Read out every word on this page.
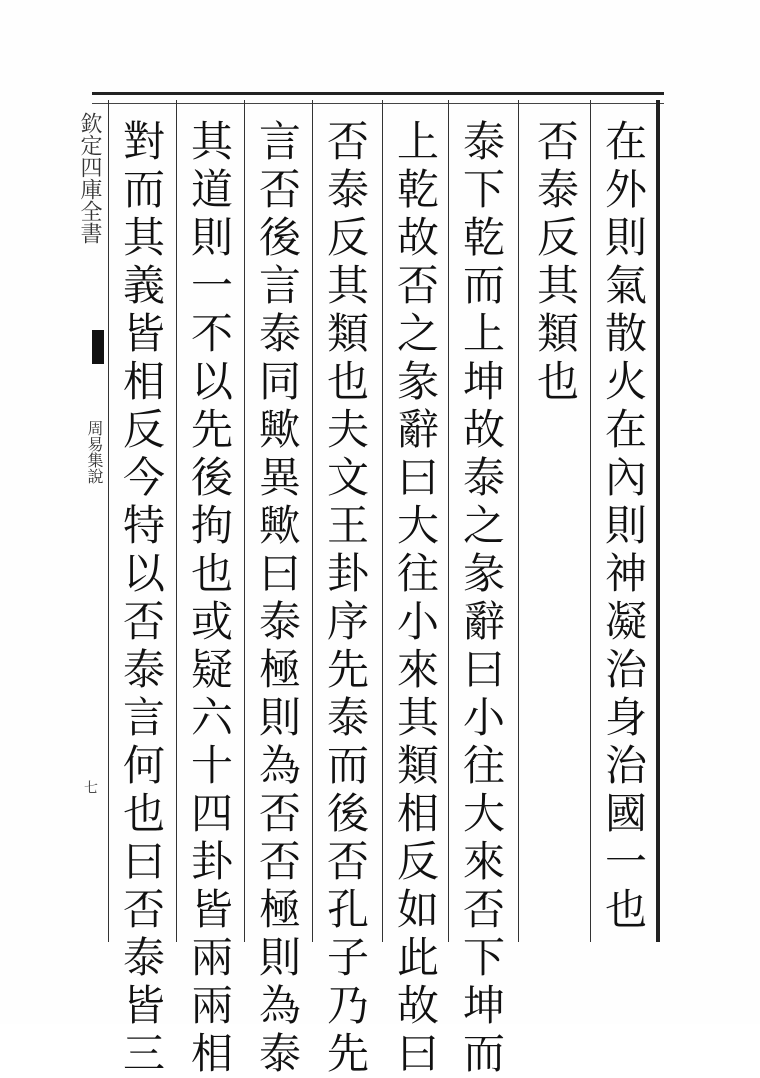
欽定四庫全書
周易集說
七
在
外
則
氣
散
火
在
內
則
神
凝
治
身
治
國
一
也
否
泰
反
其
類
也
泰
下
乾
而
上
坤
故
泰
之
彖
辭
曰
小
往
大
來
否
下
坤
而
上
乾
故
否
之
彖
辭
曰
大
往
小
來
其
類
相
反
如
此
故
曰
否
泰
反
其
類
也
夫
文
王
卦
序
先
泰
而
後
否
孔
子
乃
先
言
否
後
言
泰
同
歟
異
歟
曰
泰
極
則
為
否
否
極
則
為
泰
其
道
則
一
不
以
先
後
拘
也
或
疑
六
十
四
卦
皆
兩
兩
相
對
而
其
義
皆
相
反
今
特
以
否
泰
言
何
也
曰
否
泰
皆
三
